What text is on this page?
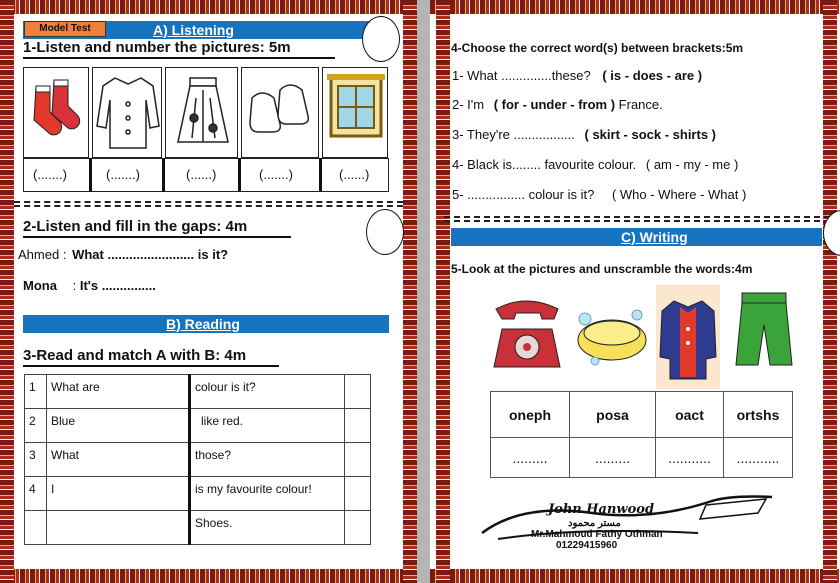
A) Listening
Model Test
1-Listen and number the pictures: 5m
(.......)	(.......)	(......)	(.......)	(......)
2-Listen and fill in the gaps: 4m
Ahmed : What ........................ is it?
Mona : It's ...............
B) Reading
3-Read and match A with B: 4m
1	What are	colour is it?	
2	Blue	like red.	
3	What	those?	
4	I	is my favourite colour!	
		Shoes.	
4-Choose the correct word(s) between brackets:5m
1- What ..............these? ( is - does - are )
2- I'm ( for - under - from ) France.
3- They're ................. ( skirt - sock - shirts )
4- Black is........ favourite colour. ( am - my - me )
5- ................ colour is it? ( Who - Where - What )
C) Writing
5-Look at the pictures and unscramble the words:4m
oneph	posa	oact	ortshs
.........	.........	...........	...........
John Hanwood
مستر محمود
Mr.Mahmoud Fathy Othman
01229415960
